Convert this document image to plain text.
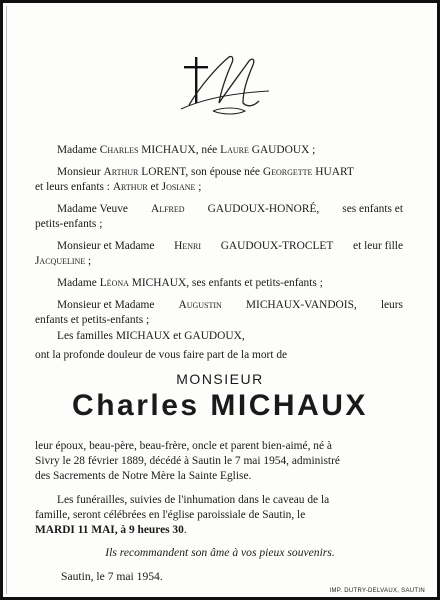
Madame Charles MICHAUX, née Laure GAUDOUX ;
Monsieur Arthur LORENT, son épouse née Georgette HUART
et leurs enfants : Arthur et Josiane ;
Madame Veuve Alfred GAUDOUX-HONORÉ, ses enfants et
petits-enfants ;
Monsieur et Madame Henri GAUDOUX-TROCLET et leur fille
Jacqueline ;
Madame Léona MICHAUX, ses enfants et petits-enfants ;
Monsieur et Madame Augustin MICHAUX-VANDOIS, leurs
enfants et petits-enfants ;
Les familles MICHAUX et GAUDOUX,
ont la profonde douleur de vous faire part de la mort de
MONSIEUR
Charles MICHAUX
leur époux, beau-père, beau-frère, oncle et parent bien-aimé, né à
Sivry le 28 février 1889, décédé à Sautin le 7 mai 1954, administré
des Sacrements de Notre Mère la Sainte Eglise.
Les funérailles, suivies de l'inhumation dans le caveau de la
famille, seront célébrées en l'église paroissiale de Sautin, le
MARDI 11 MAI, à 9 heures 30.
Ils recommandent son âme à vos pieux souvenirs.
Sautin, le 7 mai 1954.
IMP. DUTRY-DELVAUX, SAUTIN
